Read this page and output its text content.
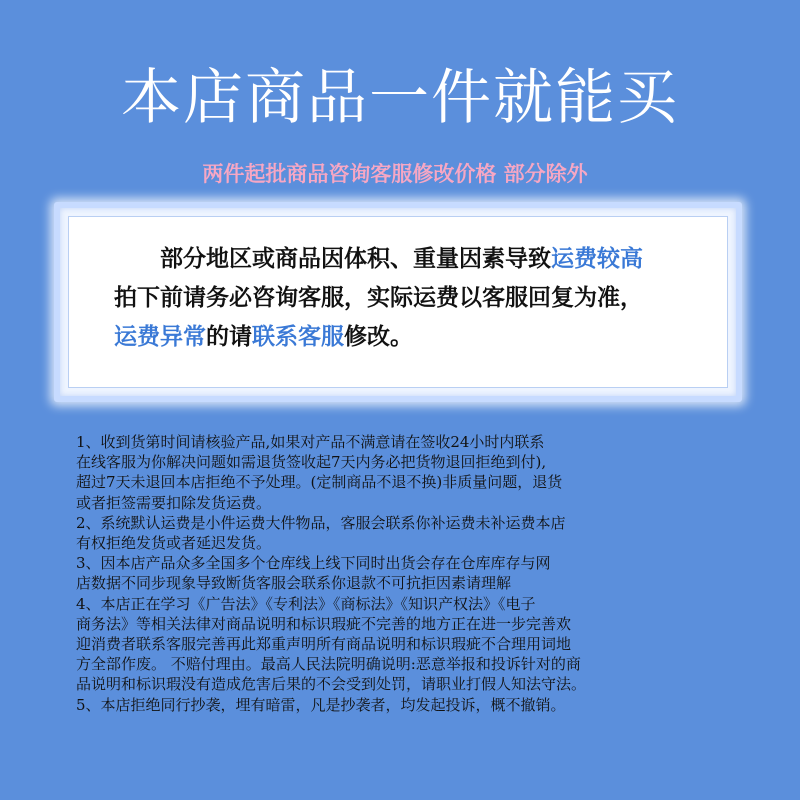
本店商品一件就能买
两件起批商品咨询客服修改价格 部分除外
部分地区或商品因体积、重量因素导致运费较高
拍下前请务必咨询客服，实际运费以客服回复为准，
运费异常的请联系客服修改。

1、收到货第时间请核验产品,如果对产品不满意请在签收24小时内联系

在线客服为你解决问题如需退货签收起7天内务必把货物退回拒绝到付),

超过7天未退回本店拒绝不予处理。(定制商品不退不换)非质量问题，退货

或者拒签需要扣除发货运费。

2、系统默认运费是小件运费大件物品，客服会联系你补运费未补运费本店

有权拒绝发货或者延迟发货。

3、因本店产品众多全国多个仓库线上线下同时出货会存在仓库库存与网

店数据不同步现象导致断货客服会联系你退款不可抗拒因素请理解

4、本店正在学习《广告法》《专利法》《商标法》《知识产权法》《电子

商务法》等相关法律对商品说明和标识瑕疵不完善的地方正在进一步完善欢

迎消费者联系客服完善再此郑重声明所有商品说明和标识瑕疵不合理用词地

方全部作废。 不赔付理由。最高人民法院明确说明:恶意举报和投诉针对的商

品说明和标识瑕没有造成危害后果的不会受到处罚，请职业打假人知法守法。

5、本店拒绝同行抄袭，埋有暗雷，凡是抄袭者，均发起投诉，概不撤销。
